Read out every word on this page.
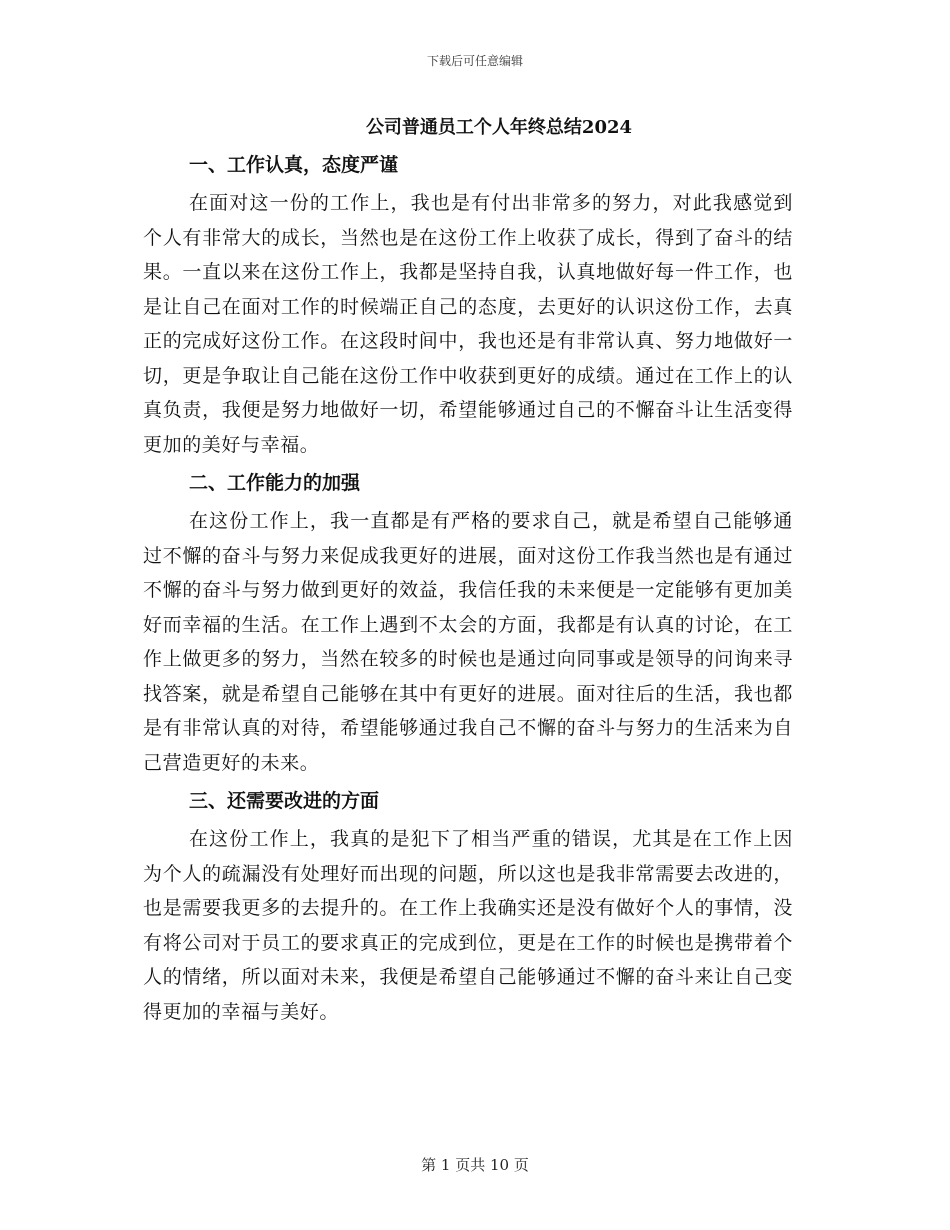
下载后可任意编辑
公司普通员工个人年终总结2024
一、工作认真，态度严谨

在面对这一份的工作上，我也是有付出非常多的努力，对此我感觉到个人有非常大的成长，当然也是在这份工作上收获了成长，得到了奋斗的结果。一直以来在这份工作上，我都是坚持自我，认真地做好每一件工作，也是让自己在面对工作的时候端正自己的态度，去更好的认识这份工作，去真正的完成好这份工作。在这段时间中，我也还是有非常认真、努力地做好一切，更是争取让自己能在这份工作中收获到更好的成绩。通过在工作上的认真负责，我便是努力地做好一切，希望能够通过自己的不懈奋斗让生活变得更加的美好与幸福。

二、工作能力的加强

在这份工作上，我一直都是有严格的要求自己，就是希望自己能够通过不懈的奋斗与努力来促成我更好的进展，面对这份工作我当然也是有通过不懈的奋斗与努力做到更好的效益，我信任我的未来便是一定能够有更加美好而幸福的生活。在工作上遇到不太会的方面，我都是有认真的讨论，在工作上做更多的努力，当然在较多的时候也是通过向同事或是领导的问询来寻找答案，就是希望自己能够在其中有更好的进展。面对往后的生活，我也都是有非常认真的对待，希望能够通过我自己不懈的奋斗与努力的生活来为自己营造更好的未来。

三、还需要改进的方面

在这份工作上，我真的是犯下了相当严重的错误，尤其是在工作上因为个人的疏漏没有处理好而出现的问题，所以这也是我非常需要去改进的，也是需要我更多的去提升的。在工作上我确实还是没有做好个人的事情，没有将公司对于员工的要求真正的完成到位，更是在工作的时候也是携带着个人的情绪，所以面对未来，我便是希望自己能够通过不懈的奋斗来让自己变得更加的幸福与美好。

第 1 页共 10 页
